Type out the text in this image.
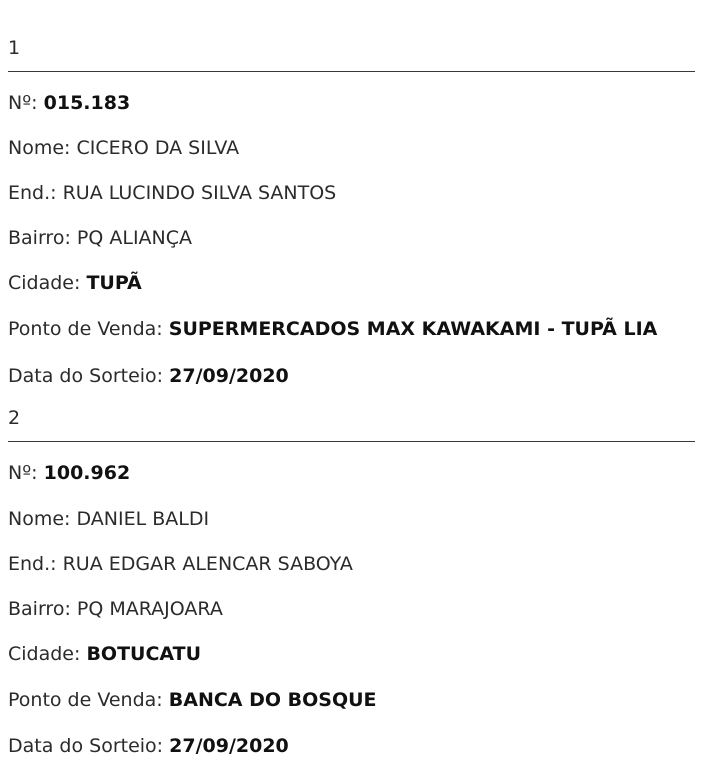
1
Nº: 015.183
Nome: CICERO DA SILVA
End.: RUA LUCINDO SILVA SANTOS
Bairro: PQ ALIANÇA
Cidade: TUPÃ
Ponto de Venda: SUPERMERCADOS MAX KAWAKAMI - TUPÃ LIA
Data do Sorteio: 27/09/2020
2
Nº: 100.962
Nome: DANIEL BALDI
End.: RUA EDGAR ALENCAR SABOYA
Bairro: PQ MARAJOARA
Cidade: BOTUCATU
Ponto de Venda: BANCA DO BOSQUE
Data do Sorteio: 27/09/2020
